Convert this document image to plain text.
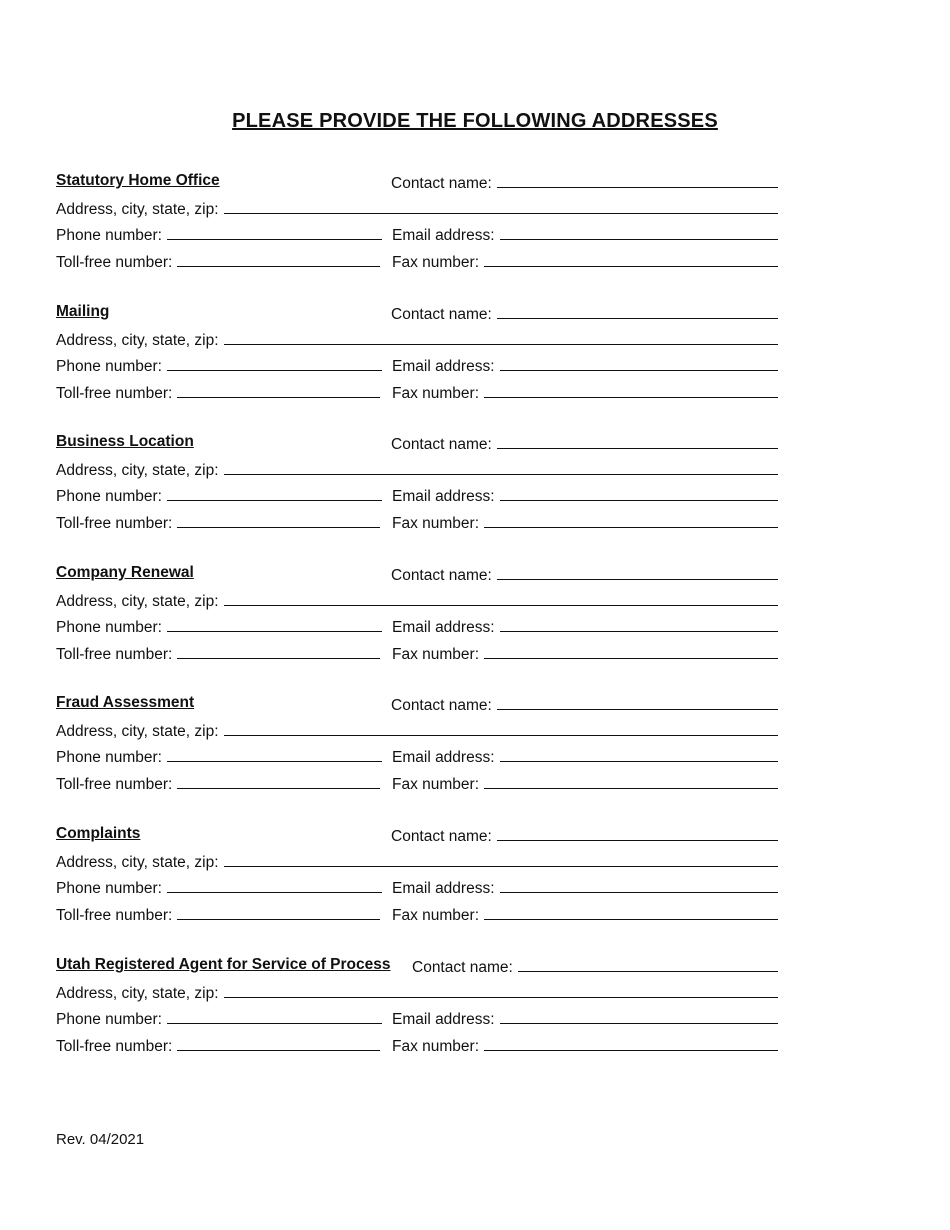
PLEASE PROVIDE THE FOLLOWING ADDRESSES
Statutory Home Office	Contact name:
Address, city, state, zip:
Phone number:	Email address:
Toll-free number:	Fax number:
Mailing	Contact name:
Address, city, state, zip:
Phone number:	Email address:
Toll-free number:	Fax number:
Business Location	Contact name:
Address, city, state, zip:
Phone number:	Email address:
Toll-free number:	Fax number:
Company Renewal	Contact name:
Address, city, state, zip:
Phone number:	Email address:
Toll-free number:	Fax number:
Fraud Assessment	Contact name:
Address, city, state, zip:
Phone number:	Email address:
Toll-free number:	Fax number:
Complaints	Contact name:
Address, city, state, zip:
Phone number:	Email address:
Toll-free number:	Fax number:
Utah Registered Agent for Service of Process Contact name:
Address, city, state, zip:
Phone number:	Email address:
Toll-free number:	Fax number:
Rev. 04/2021
